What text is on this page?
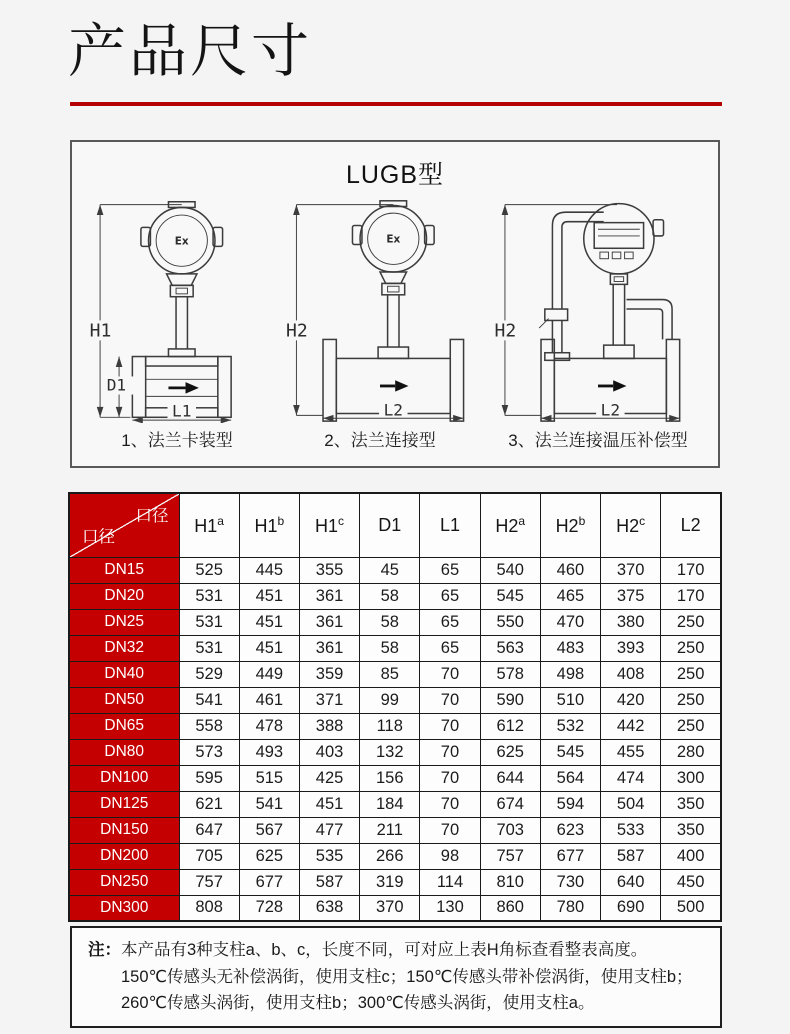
产品尺寸
LUGB型
Ex
H1
D1
L1
1、法兰卡装型
Ex
H2
L2
2、法兰连接型
H2
L2
3、法兰连接温压补偿型
口径
口径	H1$^a$	H1$^b$	H1$^c$	D1	L1	H2$^a$	H2$^b$	H2$^c$	L2
DN15	525	445	355	45	65	540	460	370	170
DN20	531	451	361	58	65	545	465	375	170
DN25	531	451	361	58	65	550	470	380	250
DN32	531	451	361	58	65	563	483	393	250
DN40	529	449	359	85	70	578	498	408	250
DN50	541	461	371	99	70	590	510	420	250
DN65	558	478	388	118	70	612	532	442	250
DN80	573	493	403	132	70	625	545	455	280
DN100	595	515	425	156	70	644	564	474	300
DN125	621	541	451	184	70	674	594	504	350
DN150	647	567	477	211	70	703	623	533	350
DN200	705	625	535	266	98	757	677	587	400
DN250	757	677	587	319	114	810	730	640	450
DN300	808	728	638	370	130	860	780	690	500
注： 本产品有3种支柱a、b、c，长度不同，可对应上表H角标查看整表高度。
150℃传感头无补偿涡街，使用支柱c；150℃传感头带补偿涡街，使用支柱b；
260℃传感头涡街，使用支柱b；300℃传感头涡街，使用支柱a。
